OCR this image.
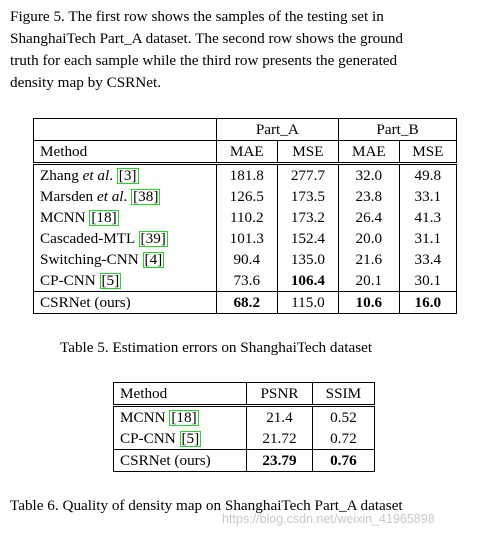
Figure 5. The first row shows the samples of the testing set in
ShanghaiTech Part_A dataset. The second row shows the ground
truth for each sample while the third row presents the generated
density map by CSRNet.
	Part_A		Part_B	
Method	MAE	MSE	MAE	MSE
Zhang et al. [3]	181.8	277.7	32.0	49.8
Marsden et al. [38]	126.5	173.5	23.8	33.1
MCNN [18]	110.2	173.2	26.4	41.3
Cascaded-MTL [39]	101.3	152.4	20.0	31.1
Switching-CNN [4]	90.4	135.0	21.6	33.4
CP-CNN [5]	73.6	106.4	20.1	30.1
CSRNet (ours)	68.2	115.0	10.6	16.0
Table 5. Estimation errors on ShanghaiTech dataset
Method	PSNR	SSIM
MCNN [18]	21.4	0.52
CP-CNN [5]	21.72	0.72
CSRNet (ours)	23.79	0.76
Table 6. Quality of density map on ShanghaiTech Part_A dataset
https://blog.csdn.net/weixin_41965898
